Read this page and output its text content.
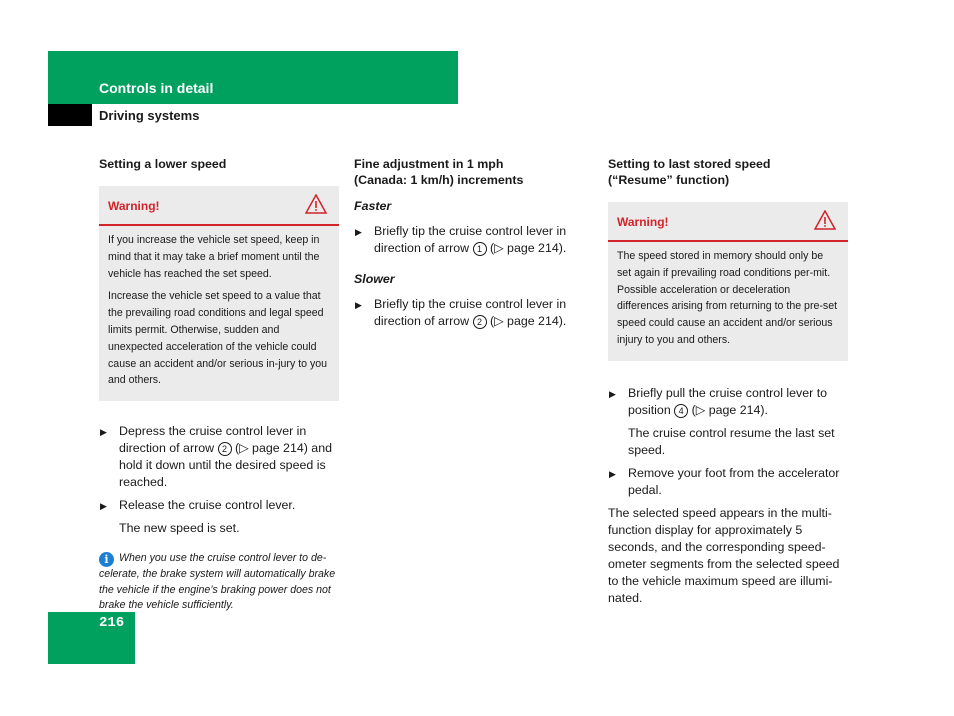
Controls in detail
Driving systems
216
Setting a lower speed
Warning!

If you increase the vehicle set speed, keep in mind that it may take a brief moment until the vehicle has reached the set speed.

Increase the vehicle set speed to a value that the prevailing road conditions and legal speed limits permit. Otherwise, sudden and unexpected acceleration of the vehicle could cause an accident and/or serious in-jury to you and others.

▶ Depress the cruise control lever in direction of arrow 2 (▷ page 214) and hold it down until the desired speed is reached.
▶ Release the cruise control lever.
The new speed is set.
i When you use the cruise control lever to de-celerate, the brake system will automatically brake the vehicle if the engine’s braking power does not brake the vehicle sufficiently.
Fine adjustment in 1 mph
(Canada: 1 km/h) increments
Faster
▶ Briefly tip the cruise control lever in direction of arrow 1 (▷ page 214).
Slower
▶ Briefly tip the cruise control lever in direction of arrow 2 (▷ page 214).
Setting to last stored speed
(“Resume” function)
Warning!

The speed stored in memory should only be set again if prevailing road conditions per-mit. Possible acceleration or deceleration differences arising from returning to the pre-set speed could cause an accident and/or serious injury to you and others.

▶ Briefly pull the cruise control lever to position 4 (▷ page 214).
The cruise control resume the last set speed.
▶ Remove your foot from the accelerator pedal.
The selected speed appears in the multi-function display for approximately 5 seconds, and the corresponding speed-ometer segments from the selected speed to the vehicle maximum speed are illumi-nated.
